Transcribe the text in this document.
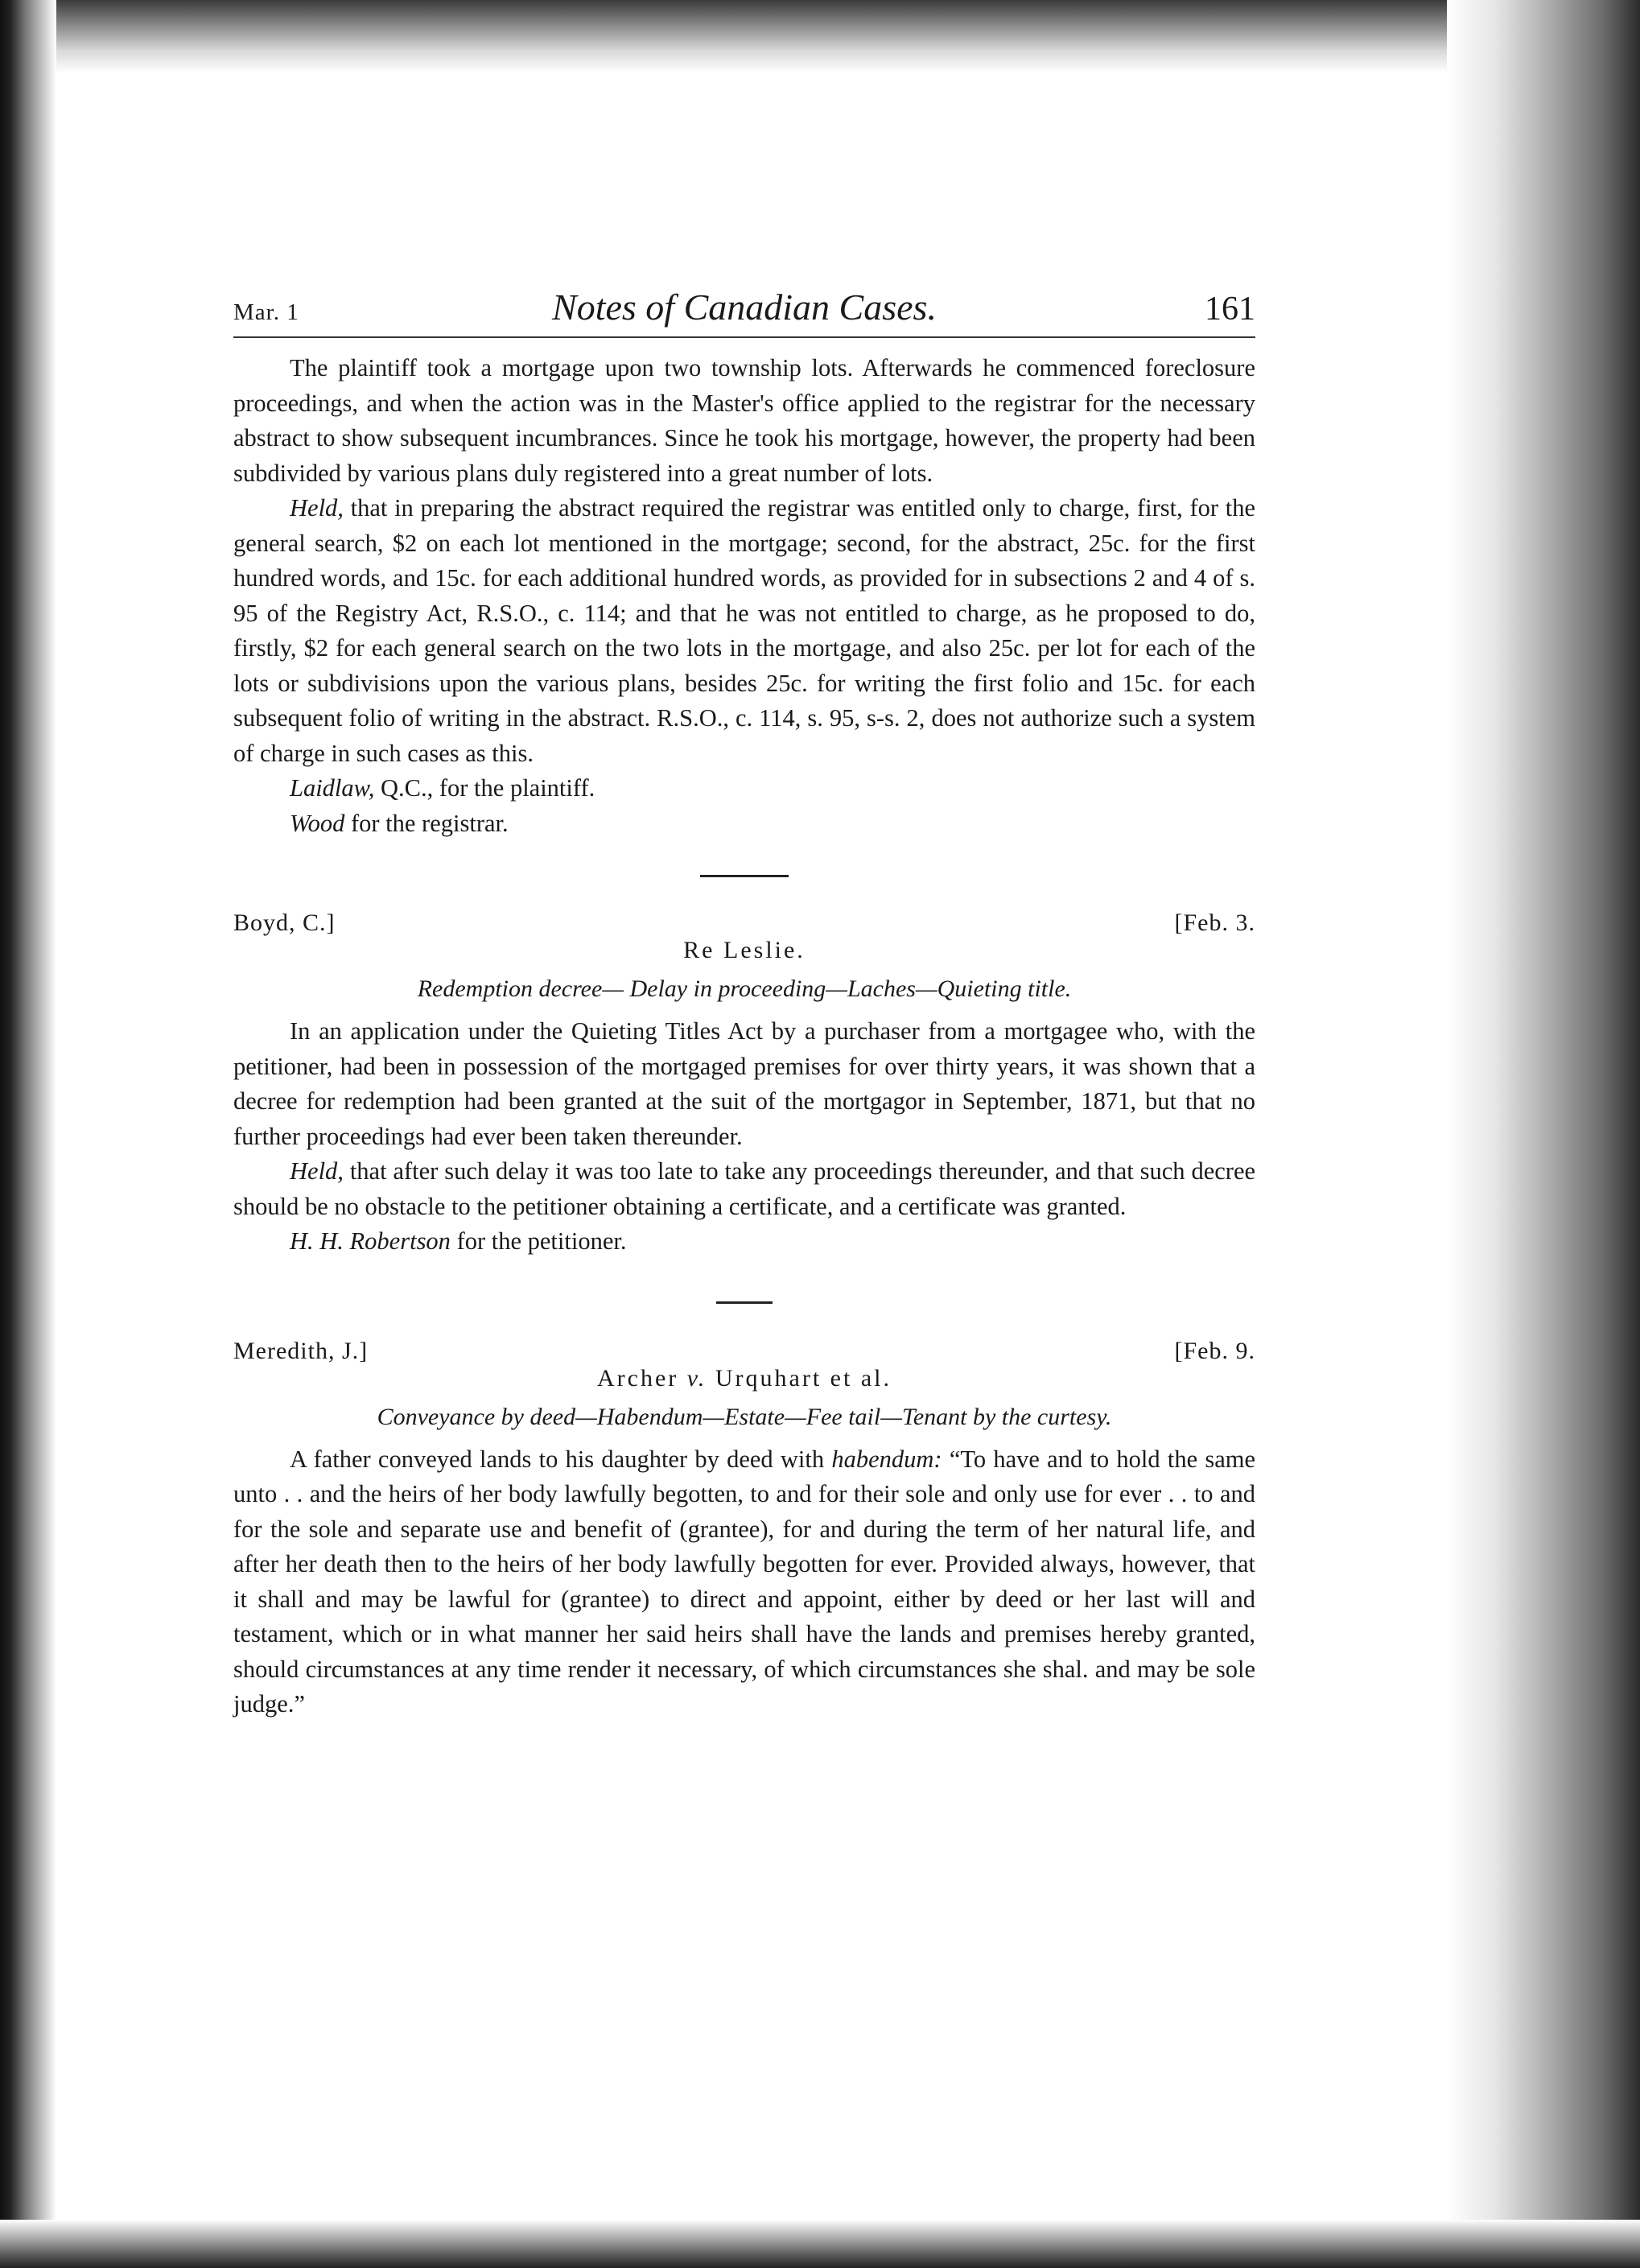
Mar. 1	Notes of Canadian Cases.	161

The plaintiff took a mortgage upon two township lots. Afterwards he commenced foreclosure proceedings, and when the action was in the Master's office applied to the registrar for the necessary abstract to show subsequent incumbrances. Since he took his mortgage, however, the property had been subdivided by various plans duly registered into a great number of lots.

Held, that in preparing the abstract required the registrar was entitled only to charge, first, for the general search, $2 on each lot mentioned in the mortgage; second, for the abstract, 25c. for the first hundred words, and 15c. for each additional hundred words, as provided for in subsections 2 and 4 of s. 95 of the Registry Act, R.S.O., c. 114; and that he was not entitled to charge, as he proposed to do, firstly, $2 for each general search on the two lots in the mortgage, and also 25c. per lot for each of the lots or subdivisions upon the various plans, besides 25c. for writing the first folio and 15c. for each subsequent folio of writing in the abstract. R.S.O., c. 114, s. 95, s-s. 2, does not authorize such a system of charge in such cases as this.

Laidlaw, Q.C., for the plaintiff.

Wood for the registrar.

Boyd, C.]	[Feb. 3.
Re Leslie.
Redemption decree— Delay in proceeding—Laches—Quieting title.

In an application under the Quieting Titles Act by a purchaser from a mortgagee who, with the petitioner, had been in possession of the mortgaged premises for over thirty years, it was shown that a decree for redemption had been granted at the suit of the mortgagor in September, 1871, but that no further proceedings had ever been taken thereunder.

Held, that after such delay it was too late to take any proceedings thereunder, and that such decree should be no obstacle to the petitioner obtaining a certificate, and a certificate was granted.

H. H. Robertson for the petitioner.

Meredith, J.]	[Feb. 9.
Archer v. Urquhart et al.
Conveyance by deed—Habendum—Estate—Fee tail—Tenant by the curtesy.

A father conveyed lands to his daughter by deed with habendum: “To have and to hold the same unto . . and the heirs of her body lawfully begotten, to and for their sole and only use for ever . . to and for the sole and separate use and benefit of (grantee), for and during the term of her natural life, and after her death then to the heirs of her body lawfully begotten for ever. Provided always, however, that it shall and may be lawful for (grantee) to direct and appoint, either by deed or her last will and testament, which or in what manner her said heirs shall have the lands and premises hereby granted, should circumstances at any time render it necessary, of which circumstances she shal. and may be sole judge.”
